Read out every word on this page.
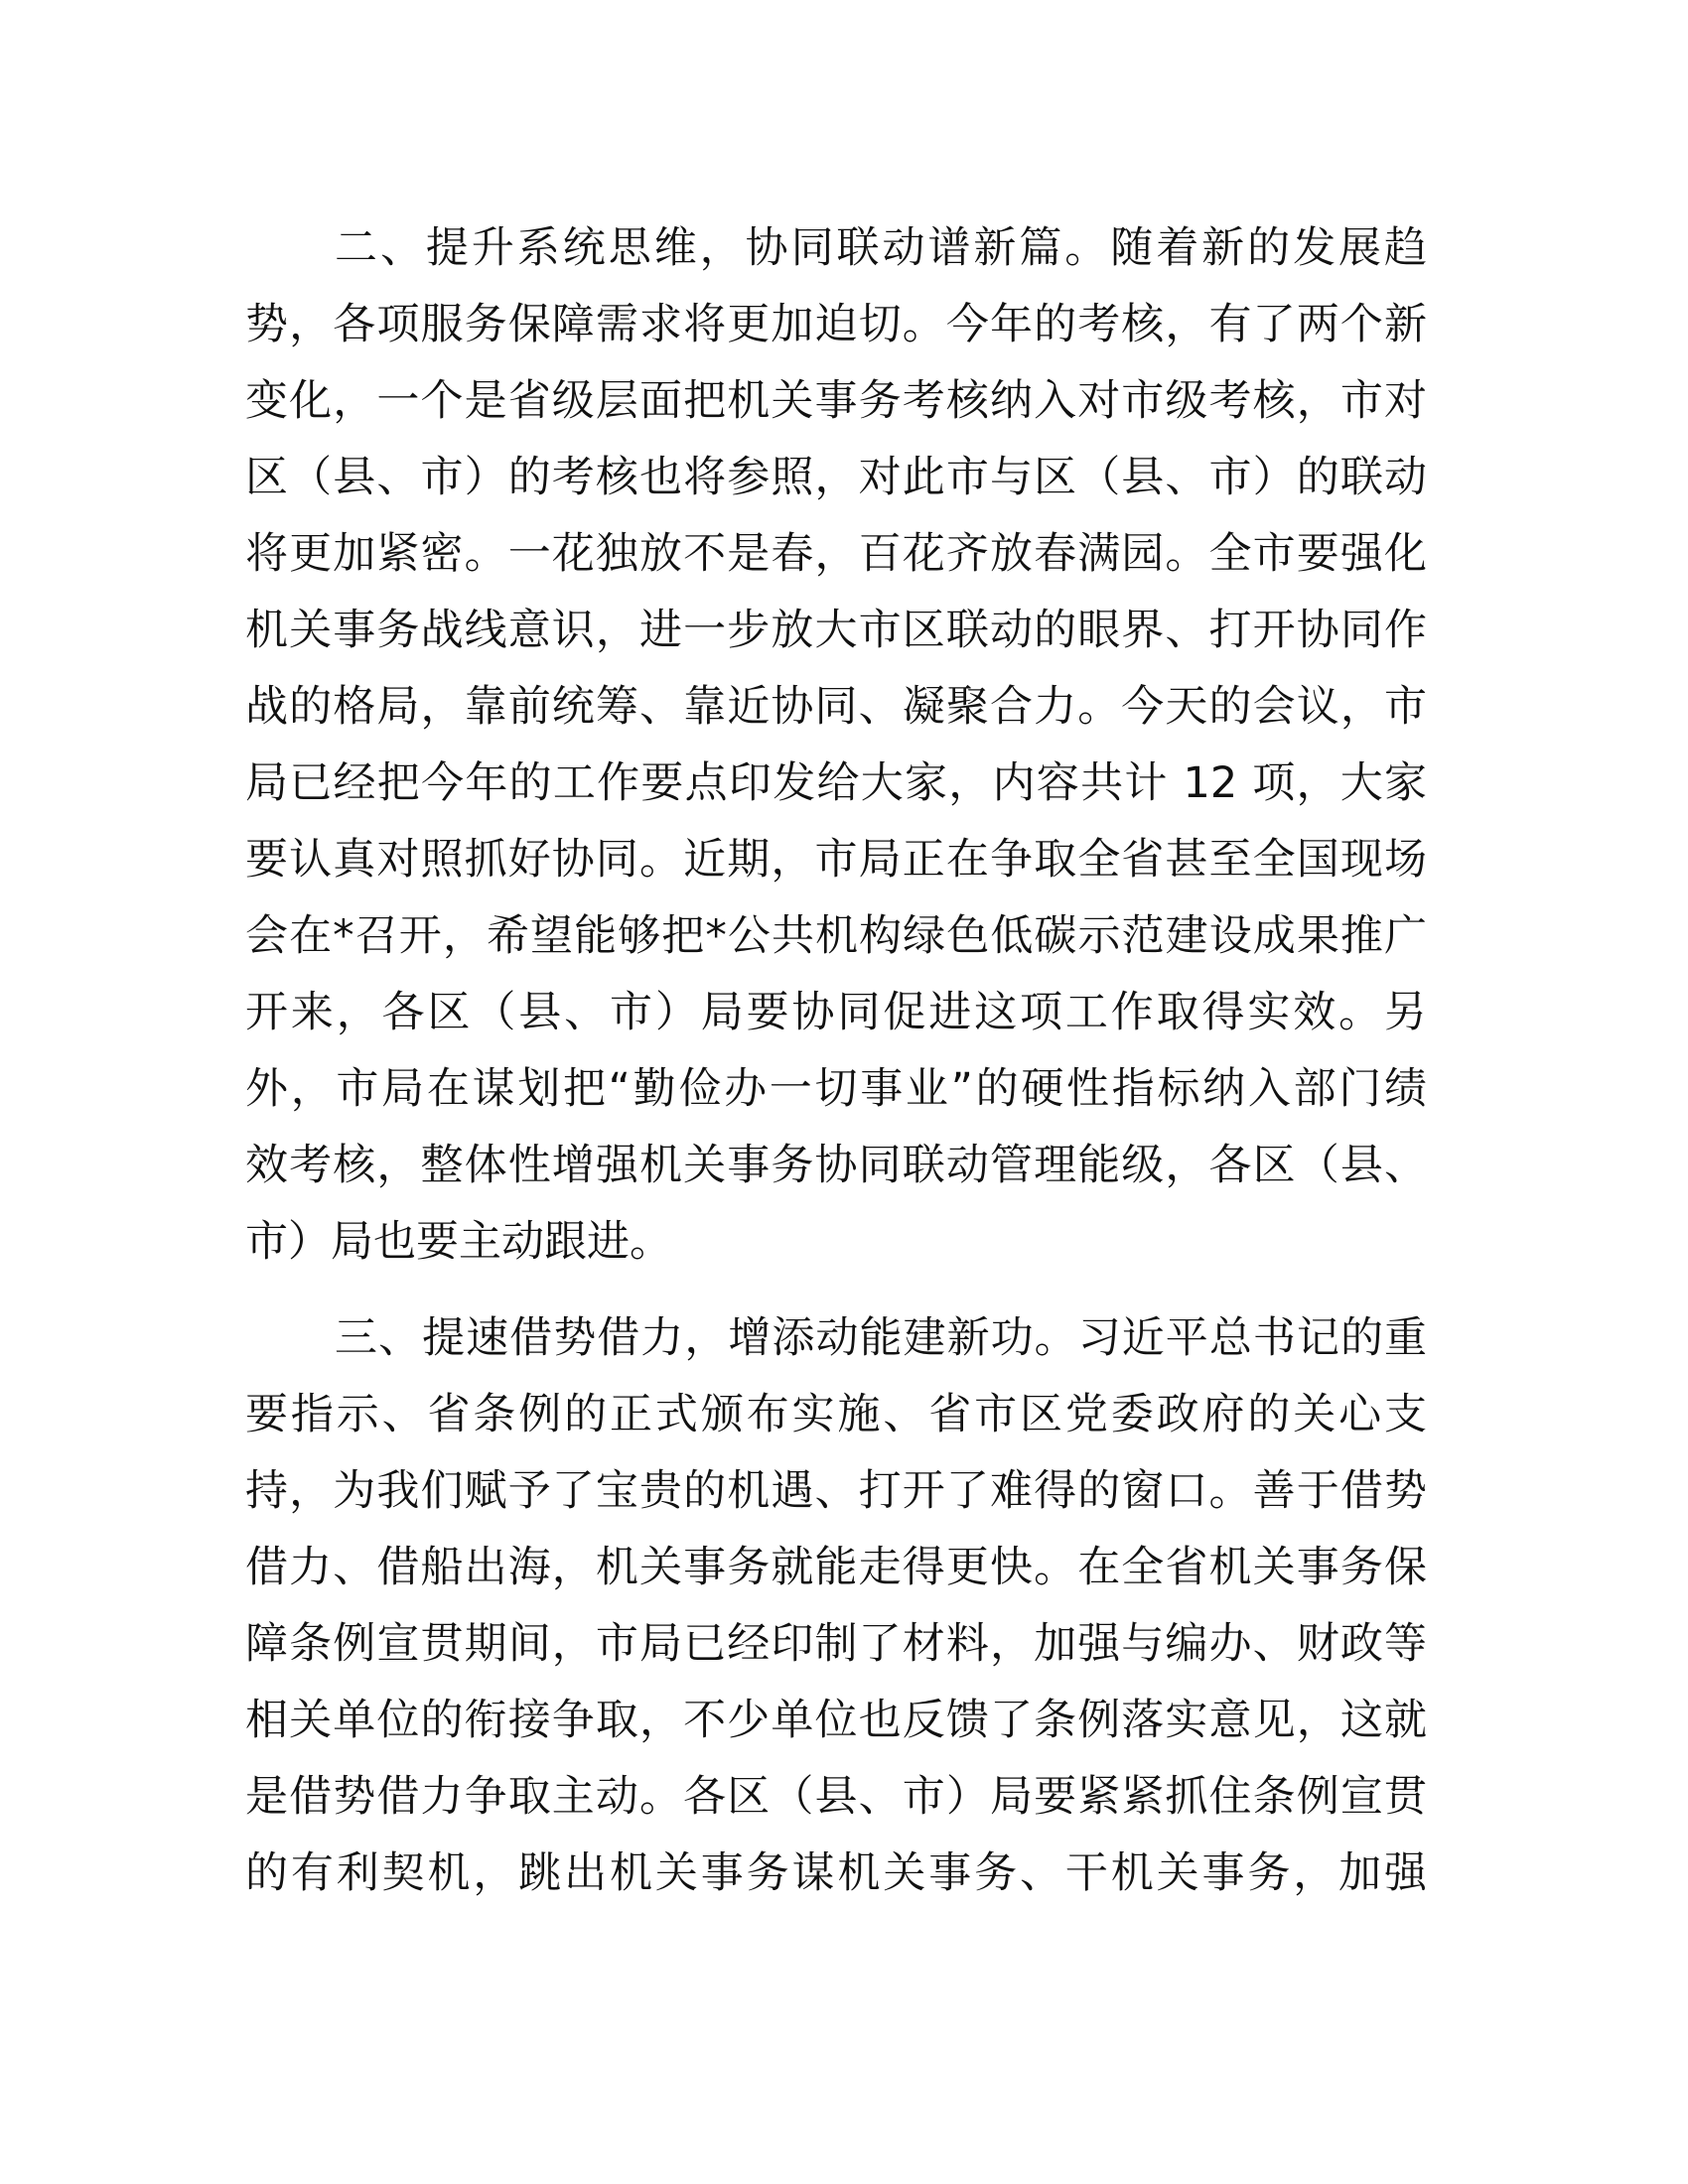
二、提升系统思维，协同联动谱新篇。随着新的发展趋
势，各项服务保障需求将更加迫切。今年的考核，有了两个新
变化，一个是省级层面把机关事务考核纳入对市级考核，市对
区（县、市）的考核也将参照，对此市与区（县、市）的联动
将更加紧密。一花独放不是春，百花齐放春满园。全市要强化
机关事务战线意识，进一步放大市区联动的眼界、打开协同作
战的格局，靠前统筹、靠近协同、凝聚合力。今天的会议，市
局已经把今年的工作要点印发给大家，内容共计 12 项，大家
要认真对照抓好协同。近期，市局正在争取全省甚至全国现场
会在*召开，希望能够把*公共机构绿色低碳示范建设成果推广
开来，各区（县、市）局要协同促进这项工作取得实效。另
外，市局在谋划把“勤俭办一切事业”的硬性指标纳入部门绩
效考核，整体性增强机关事务协同联动管理能级，各区（县、
市）局也要主动跟进。
三、提速借势借力，增添动能建新功。习近平总书记的重
要指示、省条例的正式颁布实施、省市区党委政府的关心支
持，为我们赋予了宝贵的机遇、打开了难得的窗口。善于借势
借力、借船出海，机关事务就能走得更快。在全省机关事务保
障条例宣贯期间，市局已经印制了材料，加强与编办、财政等
相关单位的衔接争取，不少单位也反馈了条例落实意见，这就
是借势借力争取主动。各区（县、市）局要紧紧抓住条例宣贯
的有利契机，跳出机关事务谋机关事务、干机关事务，加强
